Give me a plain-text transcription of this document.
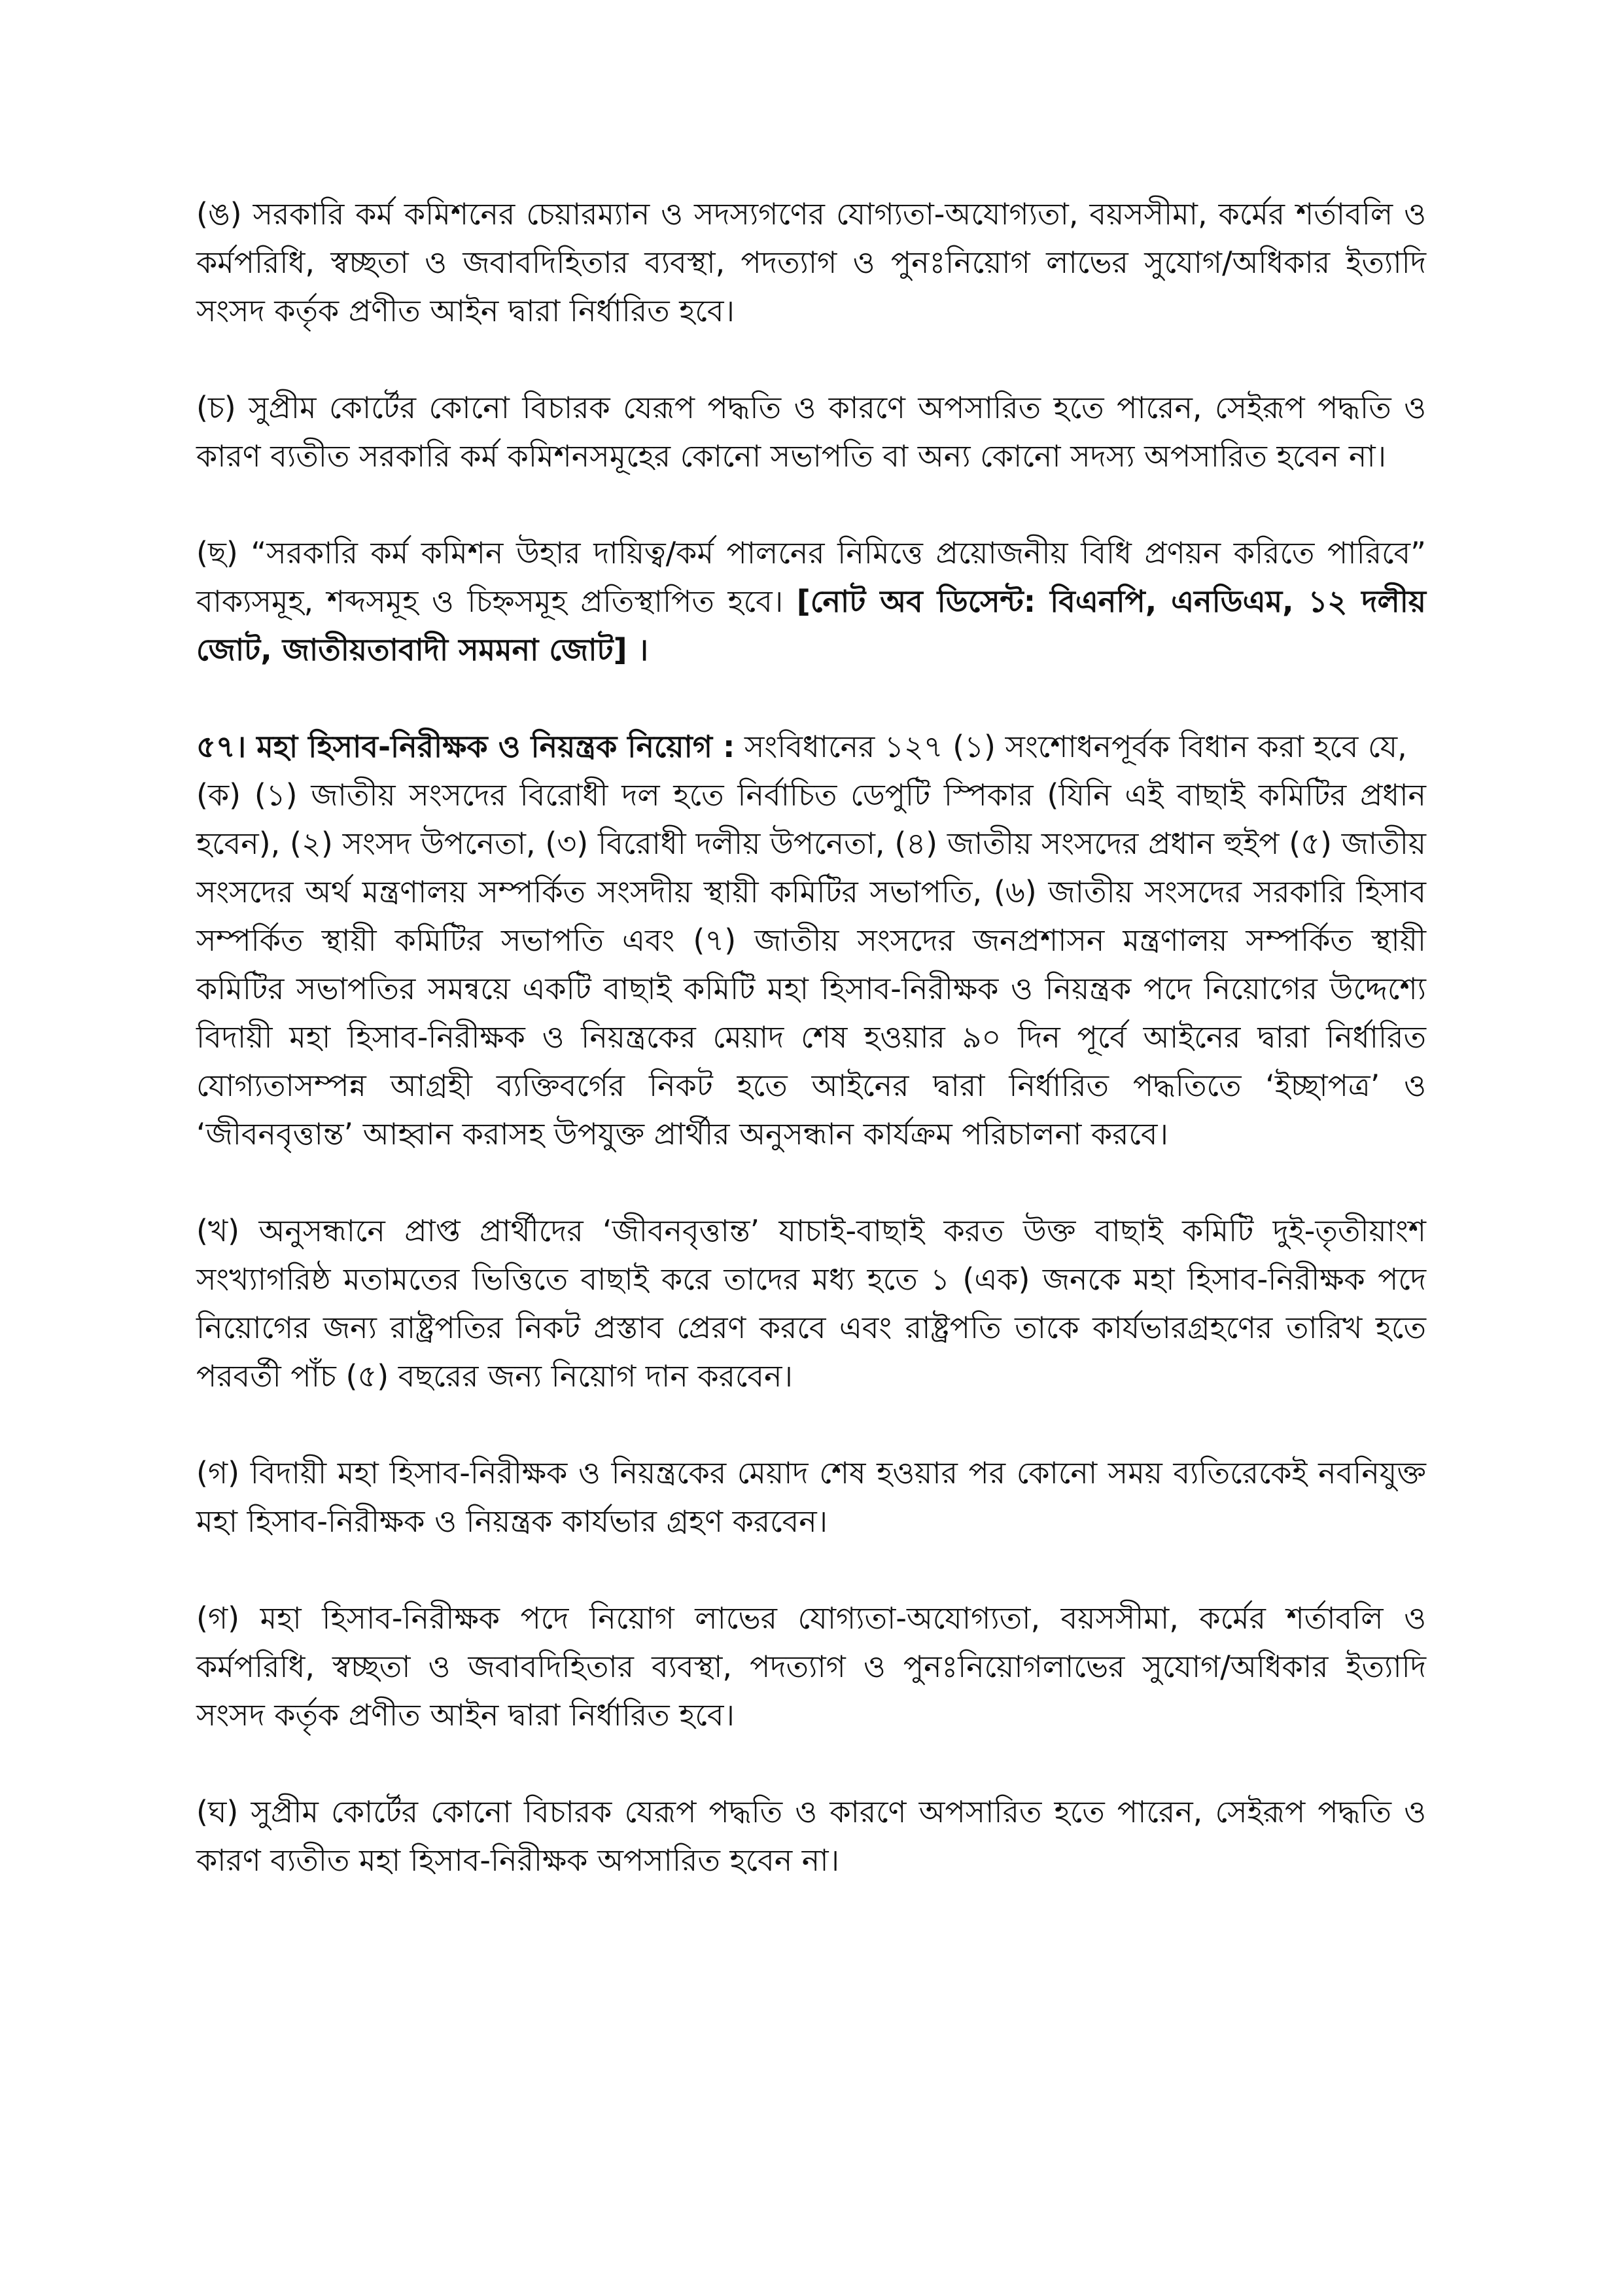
(ঙ) সরকারি কর্ম কমিশনের চেয়ারম্যান ও সদস্যগণের যোগ্যতা-অযোগ্যতা, বয়সসীমা, কর্মের শর্তাবলি ও কর্মপরিধি, স্বচ্ছতা ও জবাবদিহিতার ব্যবস্থা, পদত্যাগ ও পুনঃনিয়োগ লাভের সুযোগ/অধিকার ইত্যাদি সংসদ কর্তৃক প্রণীত আইন দ্বারা নির্ধারিত হবে।

(চ) সুপ্রীম কোর্টের কোনো বিচারক যেরূপ পদ্ধতি ও কারণে অপসারিত হতে পারেন, সেইরূপ পদ্ধতি ও কারণ ব্যতীত সরকারি কর্ম কমিশনসমূহের কোনো সভাপতি বা অন্য কোনো সদস্য অপসারিত হবেন না।

(ছ) “সরকারি কর্ম কমিশন উহার দায়িত্ব/কর্ম পালনের নিমিত্তে প্রয়োজনীয় বিধি প্রণয়ন করিতে পারিবে” বাক্যসমূহ, শব্দসমূহ ও চিহ্নসমূহ প্রতিস্থাপিত হবে। [নোট অব ডিসেন্ট: বিএনপি, এনডিএম, ১২ দলীয় জোট, জাতীয়তাবাদী সমমনা জোট] ।

৫৭। মহা হিসাব-নিরীক্ষক ও নিয়ন্ত্রক নিয়োগ : সংবিধানের ১২৭ (১) সংশোধনপূর্বক বিধান করা হবে যে,

(ক) (১) জাতীয় সংসদের বিরোধী দল হতে নির্বাচিত ডেপুটি স্পিকার (যিনি এই বাছাই কমিটির প্রধান হবেন), (২) সংসদ উপনেতা, (৩) বিরোধী দলীয় উপনেতা, (৪) জাতীয় সংসদের প্রধান হুইপ (৫) জাতীয় সংসদের অর্থ মন্ত্রণালয় সম্পর্কিত সংসদীয় স্থায়ী কমিটির সভাপতি, (৬) জাতীয় সংসদের সরকারি হিসাব সম্পর্কিত স্থায়ী কমিটির সভাপতি এবং (৭) জাতীয় সংসদের জনপ্রশাসন মন্ত্রণালয় সম্পর্কিত স্থায়ী কমিটির সভাপতির সমন্বয়ে একটি বাছাই কমিটি মহা হিসাব-নিরীক্ষক ও নিয়ন্ত্রক পদে নিয়োগের উদ্দেশ্যে বিদায়ী মহা হিসাব-নিরীক্ষক ও নিয়ন্ত্রকের মেয়াদ শেষ হওয়ার ৯০ দিন পূর্বে আইনের দ্বারা নির্ধারিত যোগ্যতাসম্পন্ন আগ্রহী ব্যক্তিবর্গের নিকট হতে আইনের দ্বারা নির্ধারিত পদ্ধতিতে ‘ইচ্ছাপত্র’ ও ‘জীবনবৃত্তান্ত’ আহ্বান করাসহ উপযুক্ত প্রার্থীর অনুসন্ধান কার্যক্রম পরিচালনা করবে।

(খ) অনুসন্ধানে প্রাপ্ত প্রার্থীদের ‘জীবনবৃত্তান্ত’ যাচাই-বাছাই করত উক্ত বাছাই কমিটি দুই-তৃতীয়াংশ সংখ্যাগরিষ্ঠ মতামতের ভিত্তিতে বাছাই করে তাদের মধ্য হতে ১ (এক) জনকে মহা হিসাব-নিরীক্ষক পদে নিয়োগের জন্য রাষ্ট্রপতির নিকট প্রস্তাব প্রেরণ করবে এবং রাষ্ট্রপতি তাকে কার্যভারগ্রহণের তারিখ হতে পরবর্তী পাঁচ (৫) বছরের জন্য নিয়োগ দান করবেন।

(গ) বিদায়ী মহা হিসাব-নিরীক্ষক ও নিয়ন্ত্রকের মেয়াদ শেষ হওয়ার পর কোনো সময় ব্যতিরেকেই নবনিযুক্ত মহা হিসাব-নিরীক্ষক ও নিয়ন্ত্রক কার্যভার গ্রহণ করবেন।

(গ) মহা হিসাব-নিরীক্ষক পদে নিয়োগ লাভের যোগ্যতা-অযোগ্যতা, বয়সসীমা, কর্মের শর্তাবলি ও কর্মপরিধি, স্বচ্ছতা ও জবাবদিহিতার ব্যবস্থা, পদত্যাগ ও পুনঃনিয়োগলাভের সুযোগ/অধিকার ইত্যাদি সংসদ কর্তৃক প্রণীত আইন দ্বারা নির্ধারিত হবে।

(ঘ) সুপ্রীম কোর্টের কোনো বিচারক যেরূপ পদ্ধতি ও কারণে অপসারিত হতে পারেন, সেইরূপ পদ্ধতি ও কারণ ব্যতীত মহা হিসাব-নিরীক্ষক অপসারিত হবেন না।
